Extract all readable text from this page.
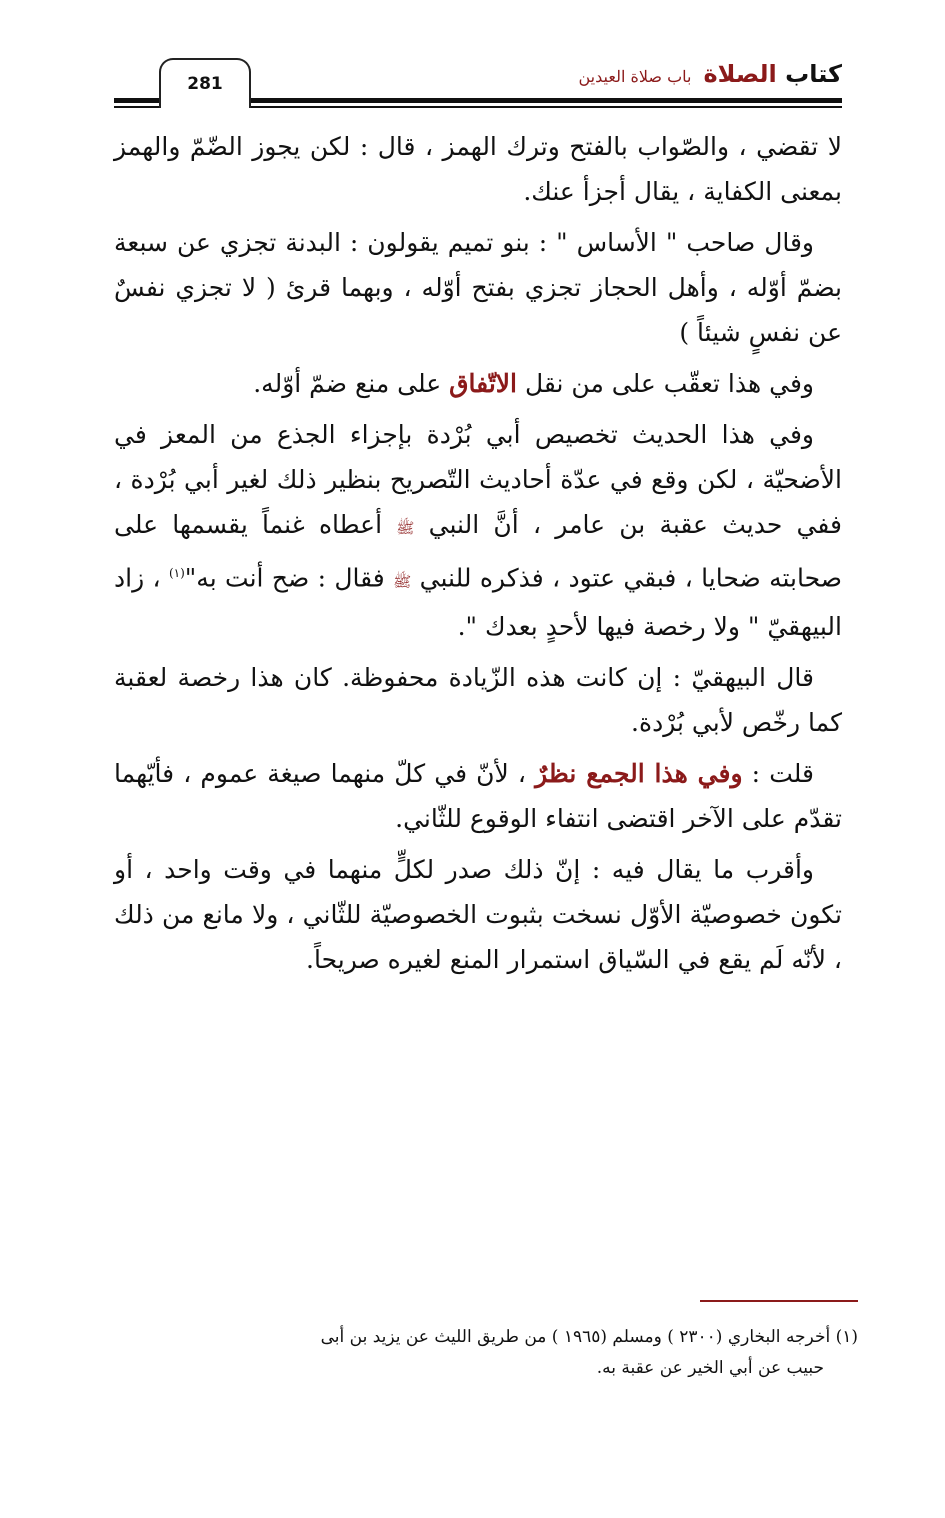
281	كتاب الصلاة
باب صلاة العيدين

لا تقضي ، والصّواب بالفتح وترك الهمز ، قال : لكن يجوز الضّمّ والهمز بمعنى الكفاية ، يقال أجزأ عنك.

وقال صاحب " الأساس " : بنو تميم يقولون : البدنة تجزي عن سبعة بضمّ أوّله ، وأهل الحجاز تجزي بفتح أوّله ، وبهما قرئ ( لا تجزي نفسٌ عن نفسٍ شيئاً )

وفي هذا تعقّب على من نقل الاتّفاق على منع ضمّ أوّله.

وفي هذا الحديث تخصيص أبي بُرْدة بإجزاء الجذع من المعز في الأضحيّة ، لكن وقع في عدّة أحاديث التّصريح بنظير ذلك لغير أبي بُرْدة ، ففي حديث عقبة بن عامر ، أنَّ النبي ﷺ أعطاه غنماً يقسمها على صحابته ضحايا ، فبقي عتود ، فذكره للنبي ﷺ فقال : ضح أنت به"$^{(١)}$ ، زاد البيهقيّ " ولا رخصة فيها لأحدٍ بعدك ".

قال البيهقيّ : إن كانت هذه الزّيادة محفوظة. كان هذا رخصة لعقبة كما رخّص لأبي بُرْدة.

قلت : وفي هذا الجمع نظرٌ ، لأنّ في كلّ منهما صيغة عموم ، فأيّهما تقدّم على الآخر اقتضى انتفاء الوقوع للثّاني.

وأقرب ما يقال فيه : إنّ ذلك صدر لكلٍّ منهما في وقت واحد ، أو تكون خصوصيّة الأوّل نسخت بثبوت الخصوصيّة للثّاني ، ولا مانع من ذلك ، لأنّه لَم يقع في السّياق استمرار المنع لغيره صريحاً.

(١) أخرجه البخاري (٢٣٠٠ ) ومسلم (١٩٦٥ ) من طريق الليث عن يزيد بن أبى
حبيب عن أبي الخير عن عقبة به.
